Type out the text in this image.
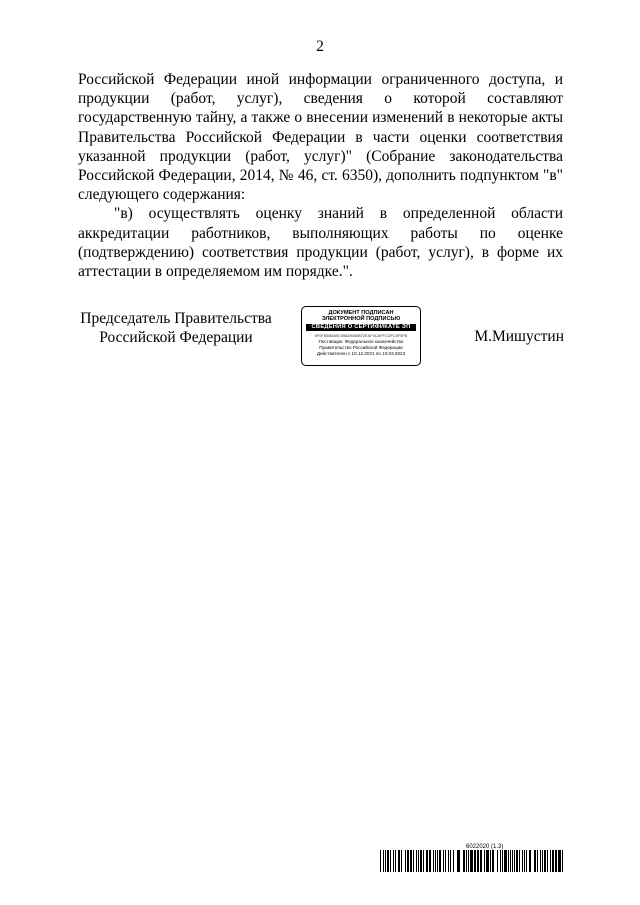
2

Российской Федерации иной информации ограниченного доступа, и продукции (работ, услуг), сведения о которой составляют государственную тайну, а также о внесении изменений в некоторые акты Правительства Российской Федерации в части оценки соответствия указанной продукции (работ, услуг)" (Собрание законодательства Российской Федерации, 2014, № 46, ст. 6350), дополнить подпунктом "в" следующего содержания:

"в) осуществлять оценку знаний в определенной области аккредитации работников, выполняющих работы по оценке (подтверждению) соответствия продукции (работ, услуг), в форме их аттестации в определяемом им порядке.".

Председатель Правительства
Российской Федерации
ДОКУМЕНТ ПОДПИСАН
ЭЛЕКТРОННОЙ ПОДПИСЬЮ
СВЕДЕНИЯ О СЕРТИФИКАТЕ ЭП
5F0FE8BA69C55828080B72EAF4CAFFCDFC5F5FB
Поставщик: Федеральное казначейство
Правительство Российской Федерации
Действителен с 10.12.2021 по 10.03.2023
М.Мишустин
6022020 (1.3)
